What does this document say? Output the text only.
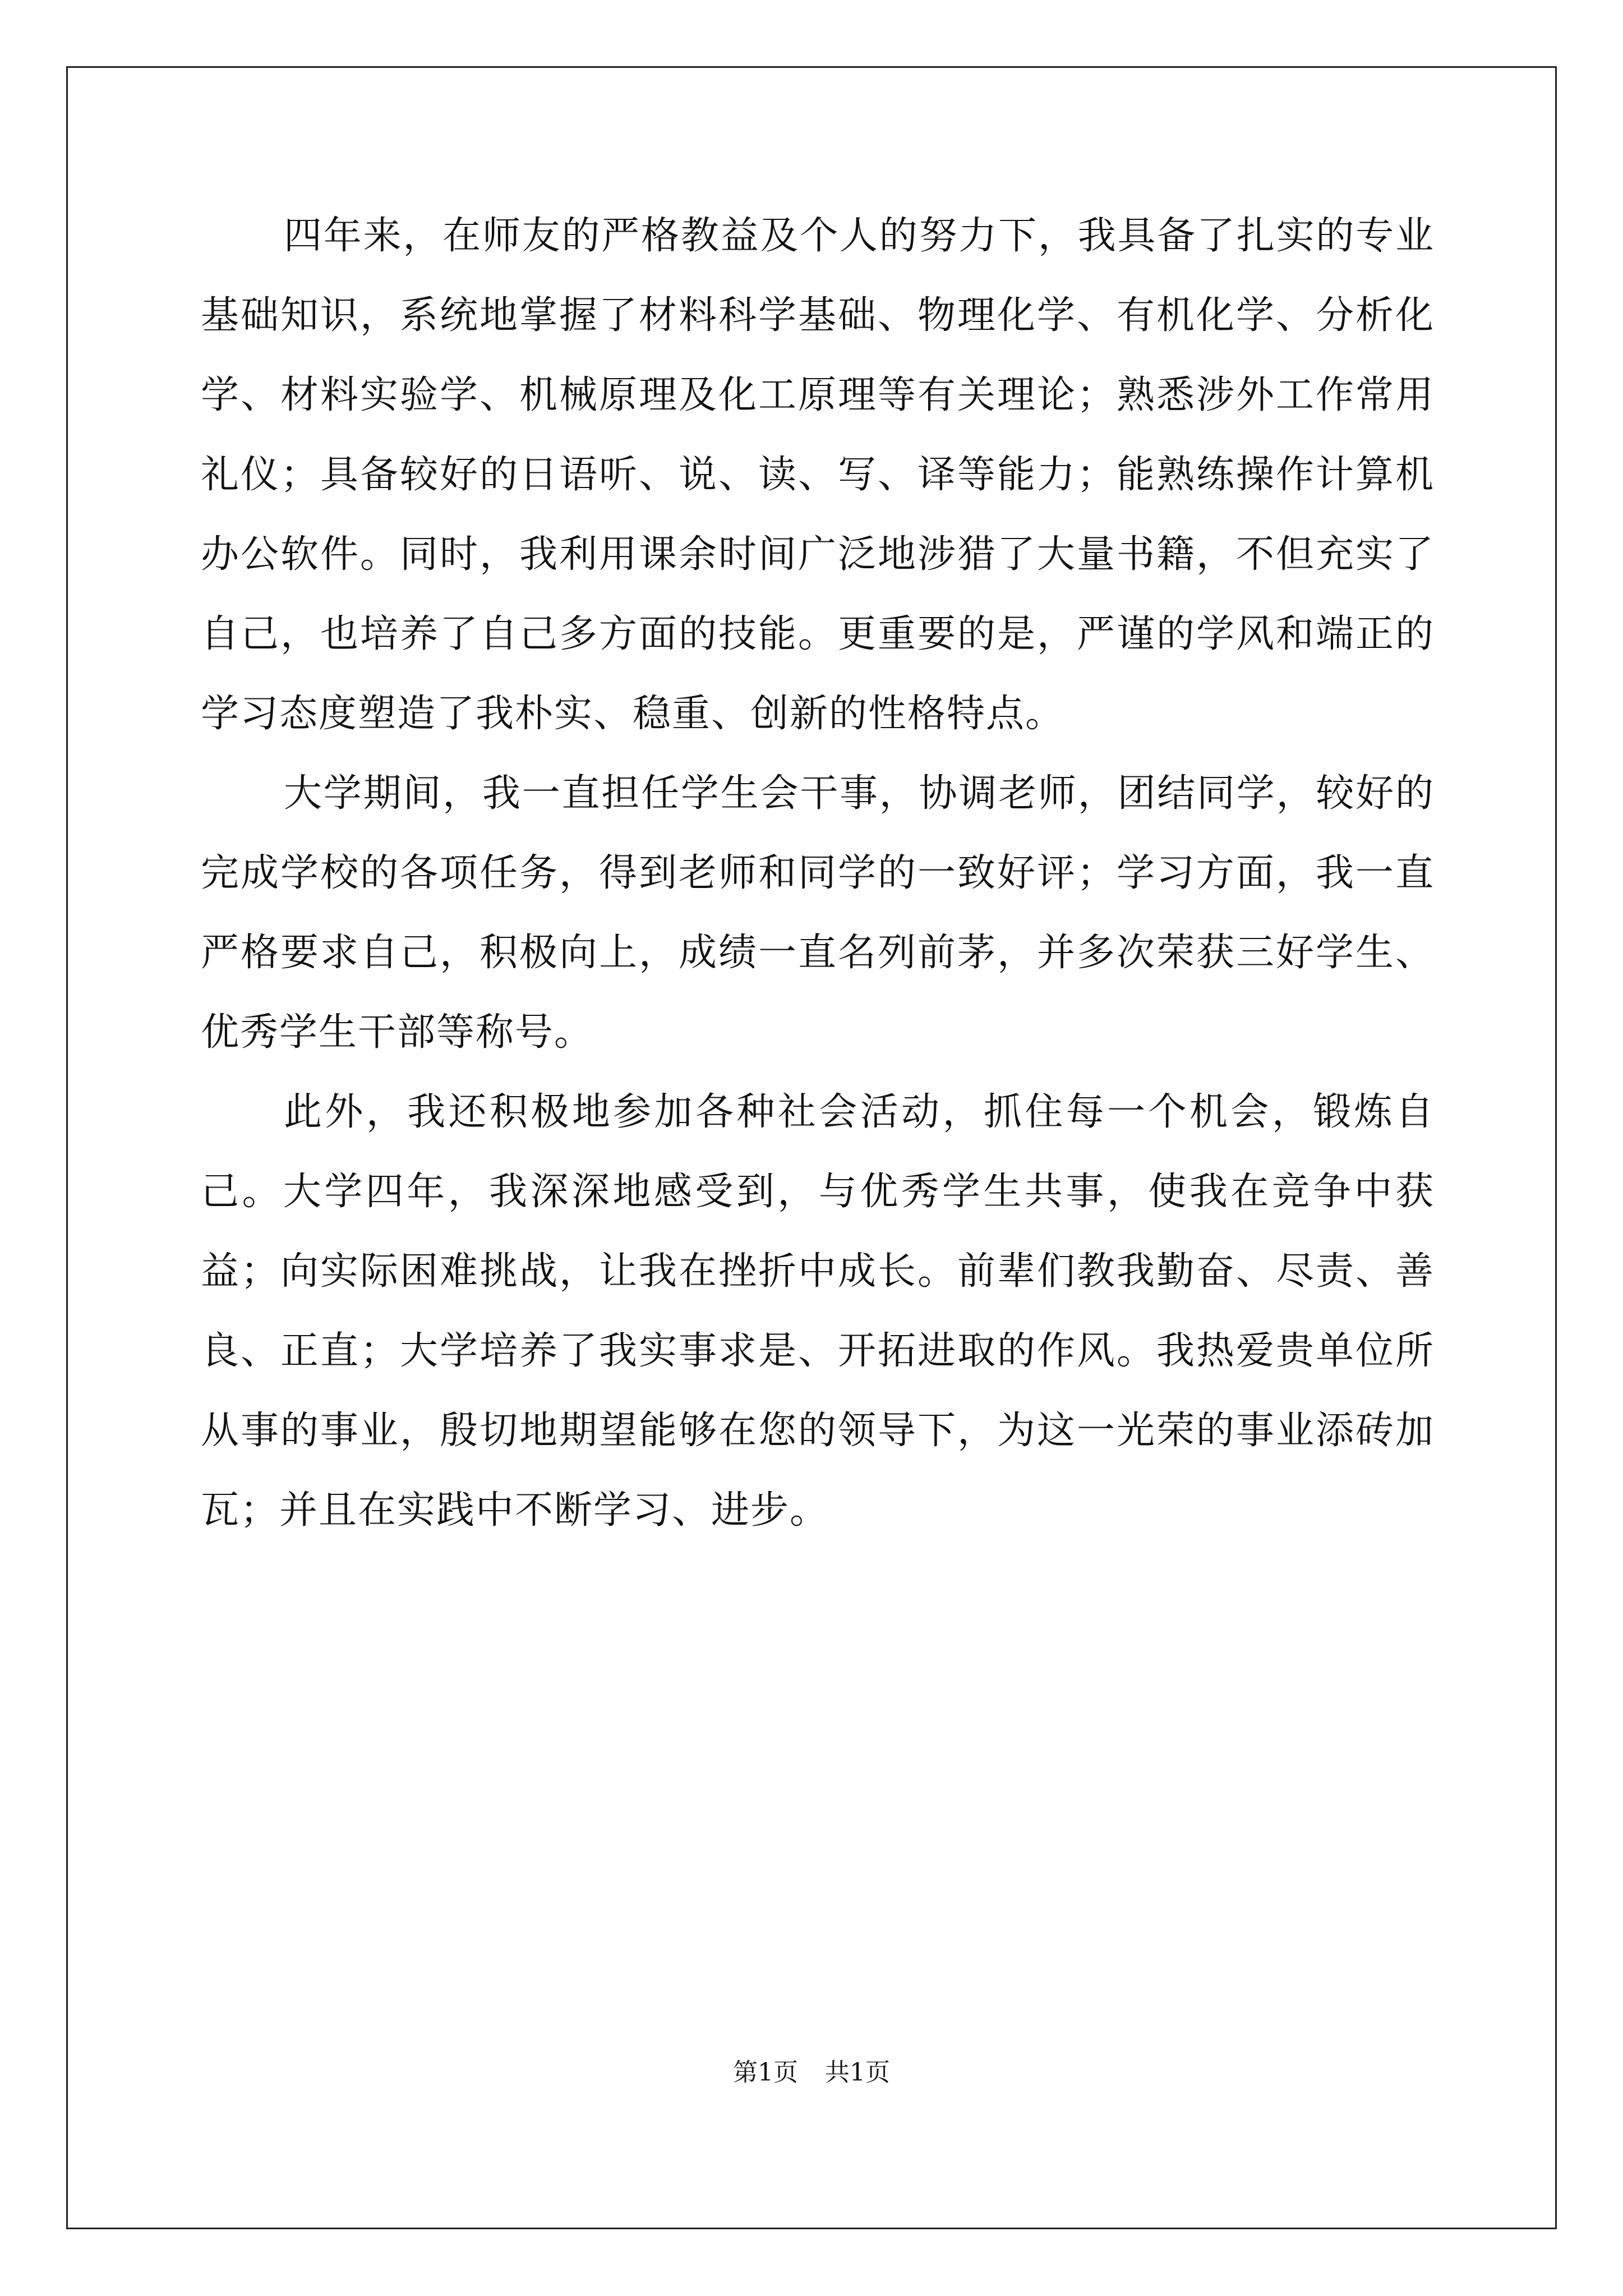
四年来，在师友的严格教益及个人的努力下，我具备了扎实的专业基础知识，系统地掌握了材料科学基础、物理化学、有机化学、分析化学、材料实验学、机械原理及化工原理等有关理论；熟悉涉外工作常用礼仪；具备较好的日语听、说、读、写、译等能力；能熟练操作计算机办公软件。同时，我利用课余时间广泛地涉猎了大量书籍，不但充实了自己，也培养了自己多方面的技能。更重要的是，严谨的学风和端正的学习态度塑造了我朴实、稳重、创新的性格特点。

大学期间，我一直担任学生会干事，协调老师，团结同学，较好的完成学校的各项任务，得到老师和同学的一致好评；学习方面，我一直严格要求自己，积极向上，成绩一直名列前茅，并多次荣获三好学生、优秀学生干部等称号。

此外，我还积极地参加各种社会活动，抓住每一个机会，锻炼自己。大学四年，我深深地感受到，与优秀学生共事，使我在竞争中获益；向实际困难挑战，让我在挫折中成长。前辈们教我勤奋、尽责、善良、正直；大学培养了我实事求是、开拓进取的作风。我热爱贵单位所从事的事业，殷切地期望能够在您的领导下，为这一光荣的事业添砖加瓦；并且在实践中不断学习、进步。

第1页 共1页
